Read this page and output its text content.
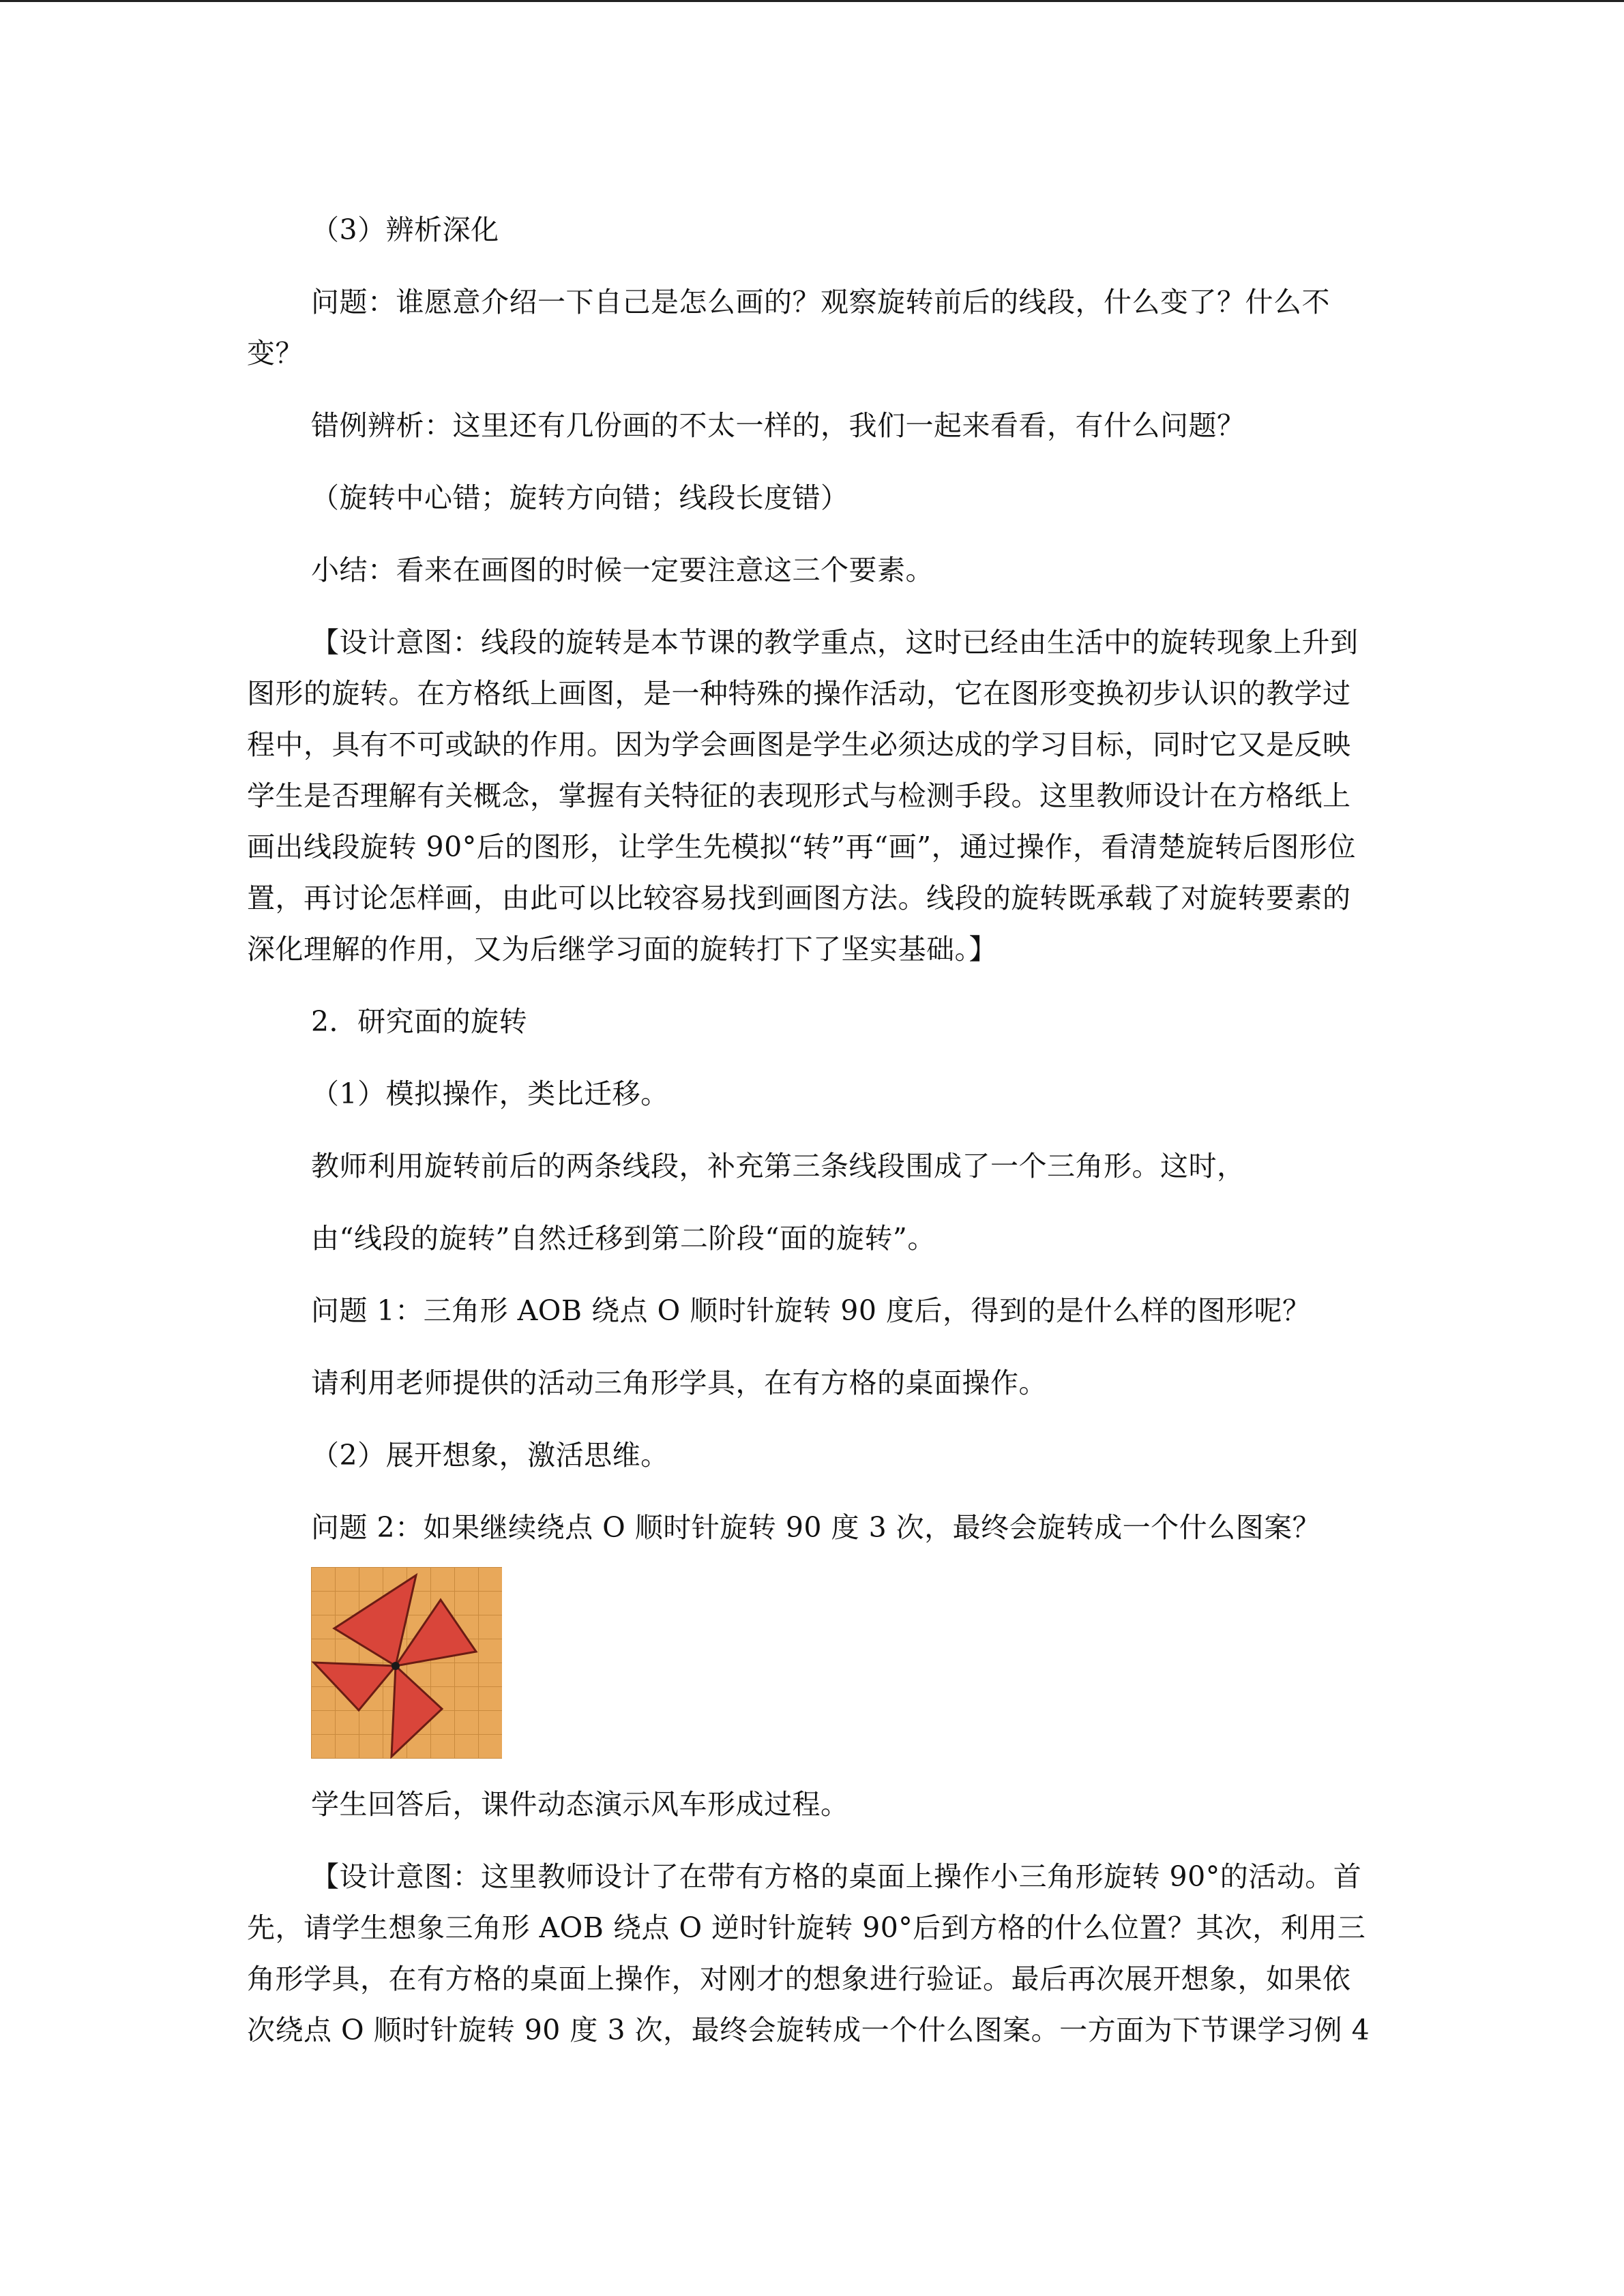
（3）辨析深化

问题：谁愿意介绍一下自己是怎么画的？观察旋转前后的线段，什么变了？什么不变？

错例辨析：这里还有几份画的不太一样的，我们一起来看看，有什么问题？

（旋转中心错；旋转方向错；线段长度错）

小结：看来在画图的时候一定要注意这三个要素。

【设计意图：线段的旋转是本节课的教学重点，这时已经由生活中的旋转现象上升到图形的旋转。在方格纸上画图，是一种特殊的操作活动，它在图形变换初步认识的教学过程中，具有不可或缺的作用。因为学会画图是学生必须达成的学习目标，同时它又是反映学生是否理解有关概念，掌握有关特征的表现形式与检测手段。这里教师设计在方格纸上画出线段旋转 90°后的图形，让学生先模拟“转”再“画”，通过操作，看清楚旋转后图形位置，再讨论怎样画，由此可以比较容易找到画图方法。线段的旋转既承载了对旋转要素的深化理解的作用，又为后继学习面的旋转打下了坚实基础。】

2．研究面的旋转

（1）模拟操作，类比迁移。

教师利用旋转前后的两条线段，补充第三条线段围成了一个三角形。这时，

由“线段的旋转”自然迁移到第二阶段“面的旋转”。

问题 1：三角形 AOB 绕点 O 顺时针旋转 90 度后，得到的是什么样的图形呢？

请利用老师提供的活动三角形学具，在有方格的桌面操作。

（2）展开想象，激活思维。

问题 2：如果继续绕点 O 顺时针旋转 90 度 3 次，最终会旋转成一个什么图案？

学生回答后，课件动态演示风车形成过程。

【设计意图：这里教师设计了在带有方格的桌面上操作小三角形旋转 90°的活动。首先，请学生想象三角形 AOB 绕点 O 逆时针旋转 90°后到方格的什么位置？其次，利用三角形学具，在有方格的桌面上操作，对刚才的想象进行验证。最后再次展开想象，如果依次绕点 O 顺时针旋转 90 度 3 次，最终会旋转成一个什么图案。一方面为下节课学习例 4
